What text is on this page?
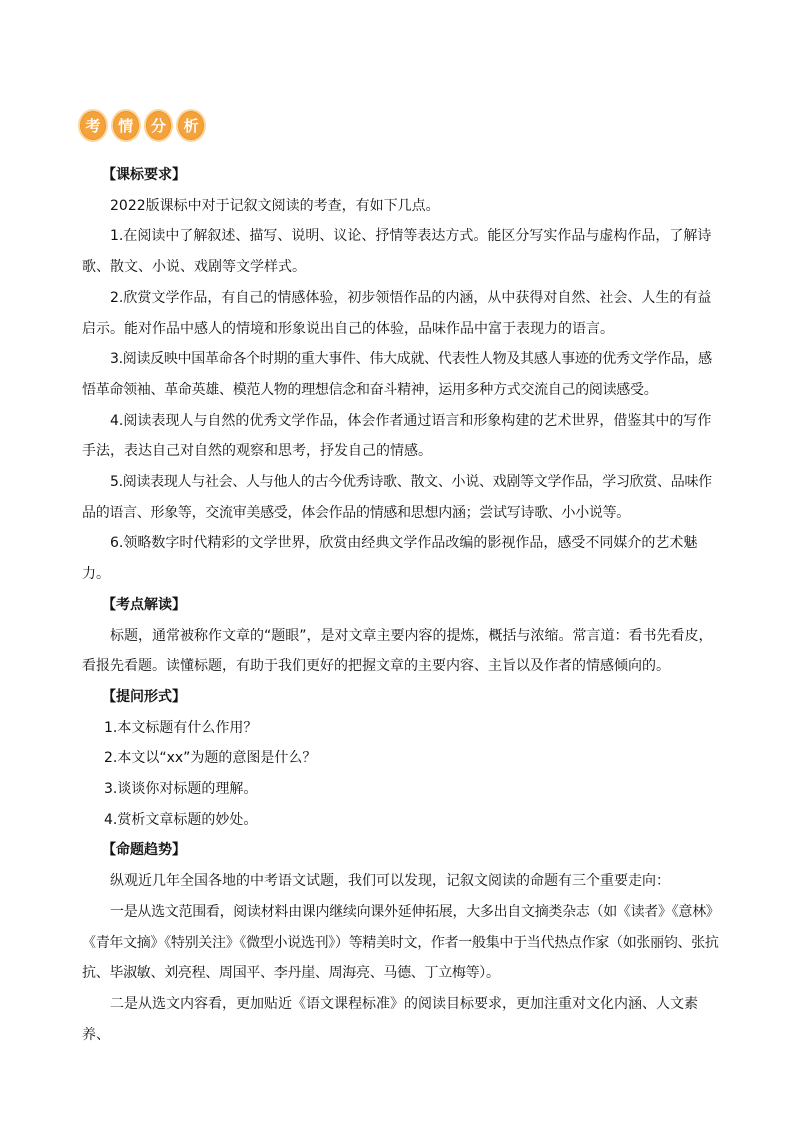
考	情	分	析

【课标要求】

2022版课标中对于记叙文阅读的考查，有如下几点。

1.在阅读中了解叙述、描写、说明、议论、抒情等表达方式。能区分写实作品与虚构作品，了解诗歌、散文、小说、戏剧等文学样式。

2.欣赏文学作品，有自己的情感体验，初步领悟作品的内涵，从中获得对自然、社会、人生的有益启示。能对作品中感人的情境和形象说出自己的体验，品味作品中富于表现力的语言。

3.阅读反映中国革命各个时期的重大事件、伟大成就、代表性人物及其感人事迹的优秀文学作品，感悟革命领袖、革命英雄、模范人物的理想信念和奋斗精神，运用多种方式交流自己的阅读感受。

4.阅读表现人与自然的优秀文学作品，体会作者通过语言和形象构建的艺术世界，借鉴其中的写作手法，表达自己对自然的观察和思考，抒发自己的情感。

5.阅读表现人与社会、人与他人的古今优秀诗歌、散文、小说、戏剧等文学作品，学习欣赏、品味作品的语言、形象等，交流审美感受，体会作品的情感和思想内涵；尝试写诗歌、小小说等。

6.领略数字时代精彩的文学世界，欣赏由经典文学作品改编的影视作品，感受不同媒介的艺术魅力。

【考点解读】

标题，通常被称作文章的“题眼”，是对文章主要内容的提炼，概括与浓缩。常言道：看书先看皮，看报先看题。读懂标题，有助于我们更好的把握文章的主要内容、主旨以及作者的情感倾向的。

【提问形式】

1.本文标题有什么作用？

2.本文以“xx”为题的意图是什么？

3.谈谈你对标题的理解。

4.赏析文章标题的妙处。

【命题趋势】

纵观近几年全国各地的中考语文试题，我们可以发现，记叙文阅读的命题有三个重要走向：

一是从选文范围看，阅读材料由课内继续向课外延伸拓展，大多出自文摘类杂志（如《读者》《意林》《青年文摘》《特别关注》《微型小说选刊》）等精美时文，作者一般集中于当代热点作家（如张丽钧、张抗抗、毕淑敏、刘亮程、周国平、李丹崖、周海亮、马德、丁立梅等）。

二是从选文内容看，更加贴近《语文课程标准》的阅读目标要求，更加注重对文化内涵、人文素养、
